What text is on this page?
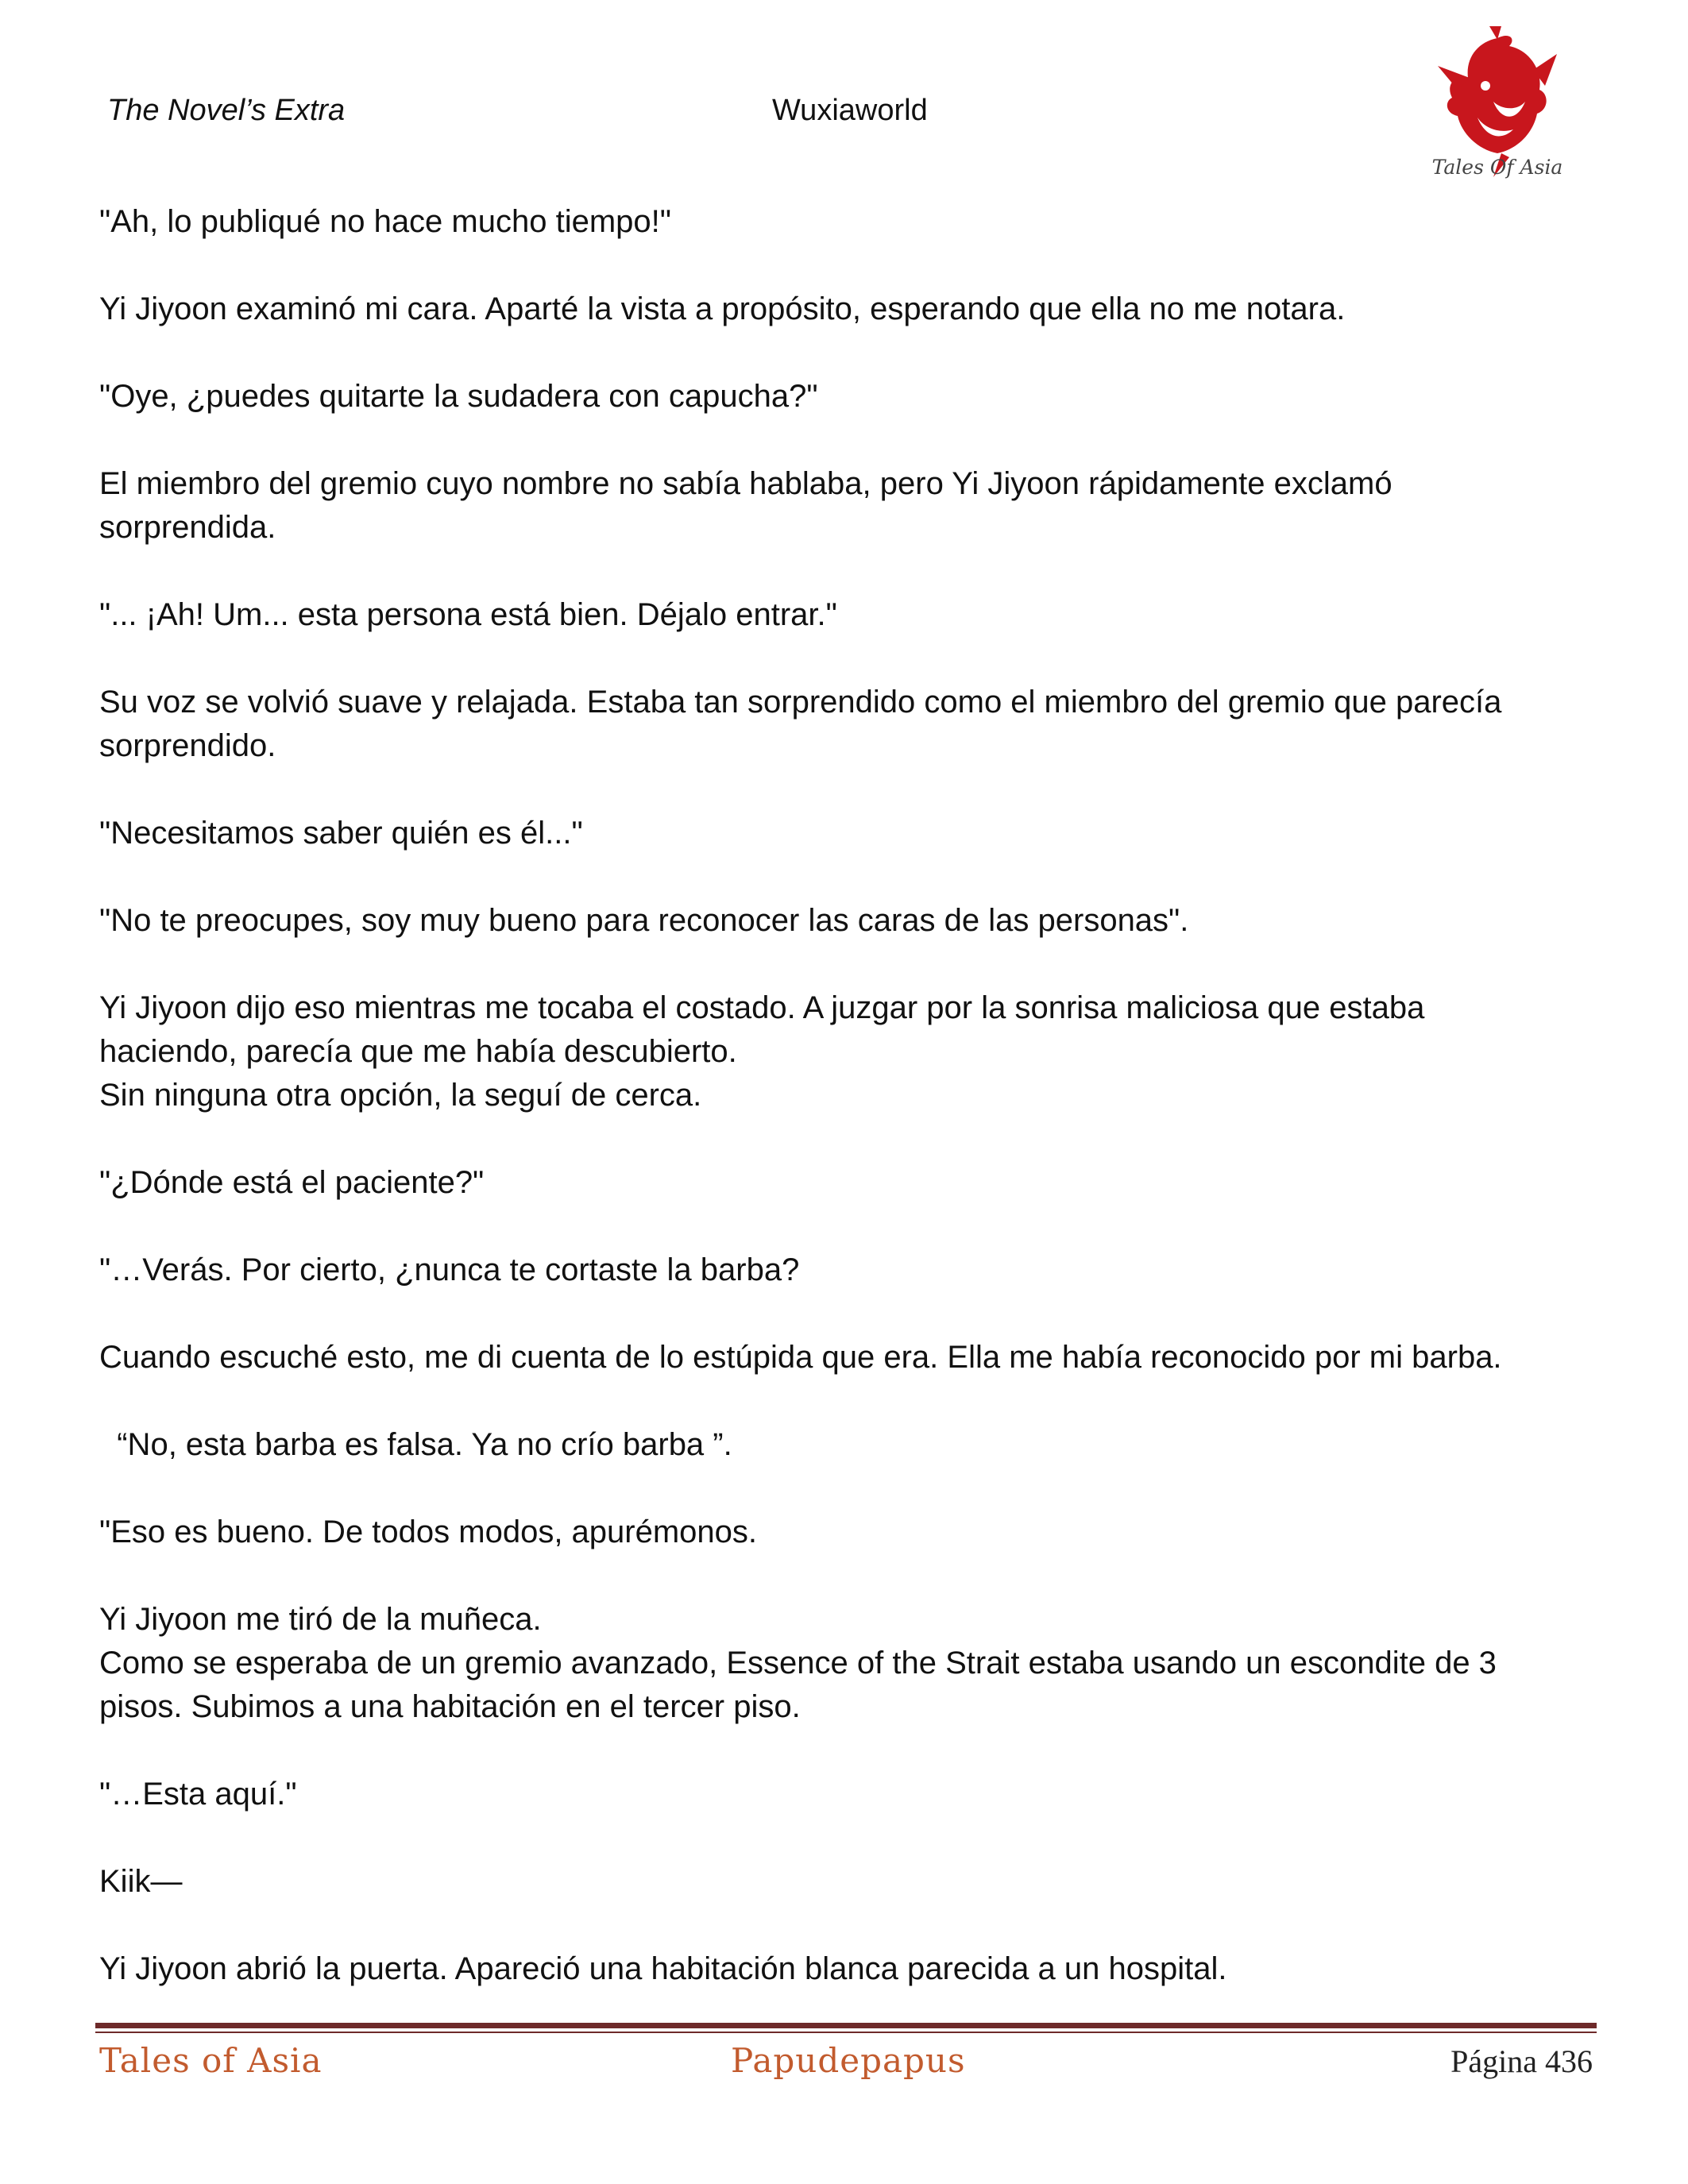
The Novel’s Extra	Wuxiaworld
Tales Of Asia

"Ah, lo publiqué no hace mucho tiempo!"

Yi Jiyoon examinó mi cara. Aparté la vista a propósito, esperando que ella no me notara.

"Oye, ¿puedes quitarte la sudadera con capucha?"

El miembro del gremio cuyo nombre no sabía hablaba, pero Yi Jiyoon rápidamente exclamó
sorprendida.

"... ¡Ah! Um... esta persona está bien. Déjalo entrar."

Su voz se volvió suave y relajada. Estaba tan sorprendido como el miembro del gremio que parecía
sorprendido.

"Necesitamos saber quién es él..."

"No te preocupes, soy muy bueno para reconocer las caras de las personas".

Yi Jiyoon dijo eso mientras me tocaba el costado. A juzgar por la sonrisa maliciosa que estaba
haciendo, parecía que me había descubierto.
Sin ninguna otra opción, la seguí de cerca.

"¿Dónde está el paciente?"

"…Verás. Por cierto, ¿nunca te cortaste la barba?

Cuando escuché esto, me di cuenta de lo estúpida que era. Ella me había reconocido por mi barba.

“No, esta barba es falsa. Ya no crío barba ”.

"Eso es bueno. De todos modos, apurémonos.

Yi Jiyoon me tiró de la muñeca.
Como se esperaba de un gremio avanzado, Essence of the Strait estaba usando un escondite de 3
pisos. Subimos a una habitación en el tercer piso.

"…Esta aquí."

Kiik—

Yi Jiyoon abrió la puerta. Apareció una habitación blanca parecida a un hospital.

Tales of Asia	Papudepapus	Página 436
